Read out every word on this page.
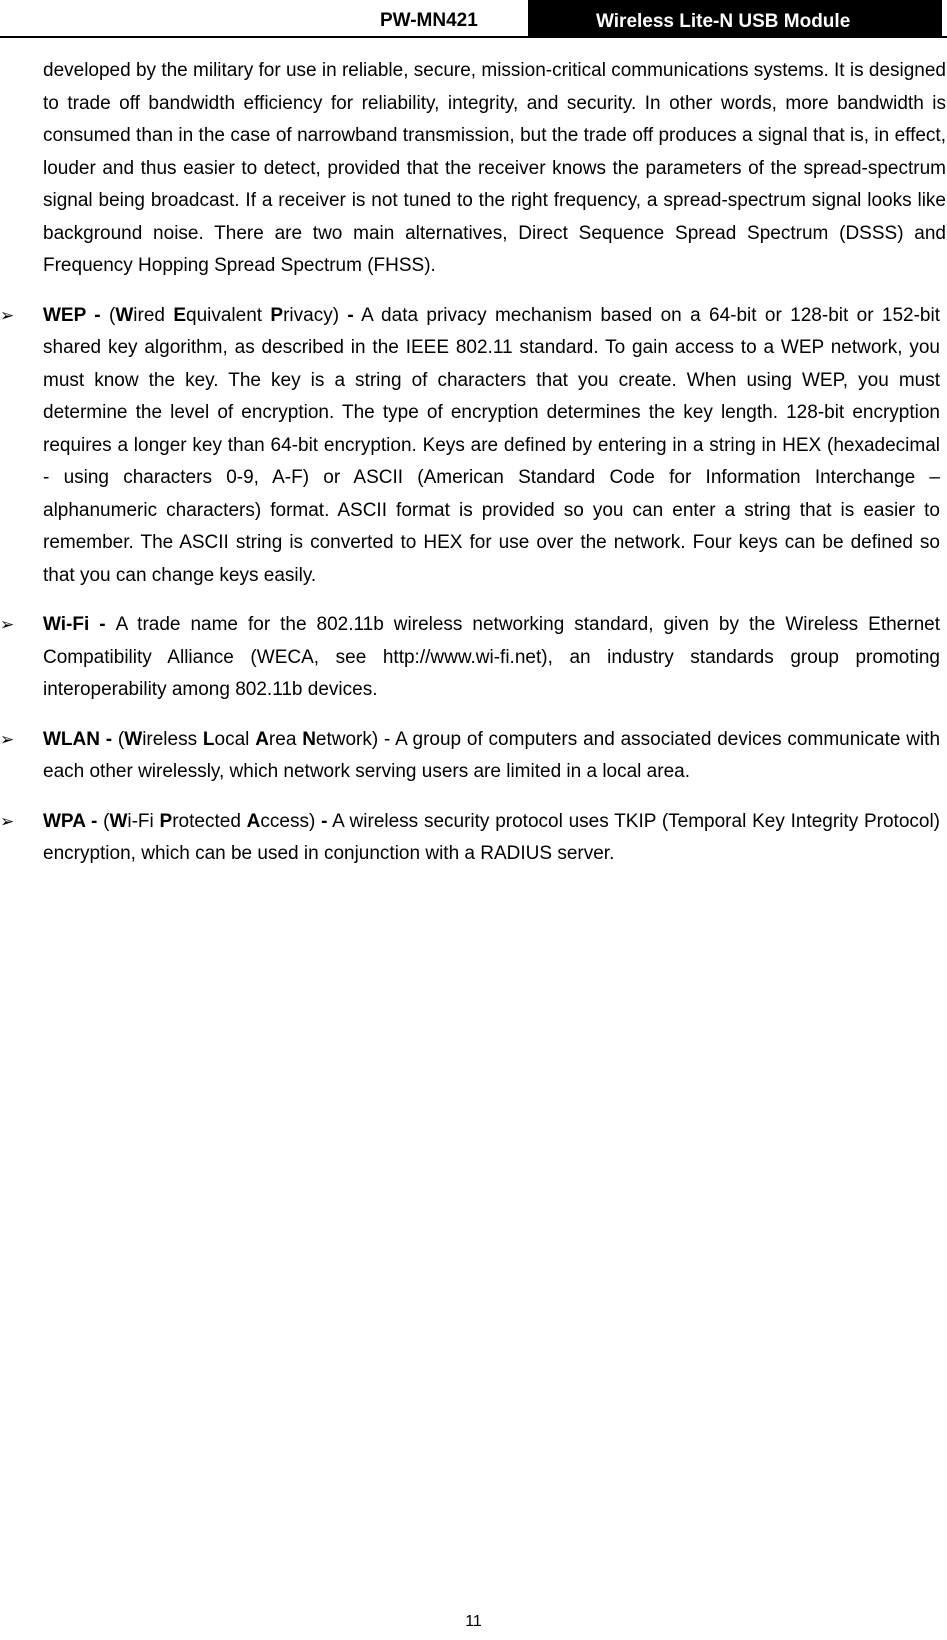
PW-MN421	Wireless Lite-N USB Module

developed by the military for use in reliable, secure, mission-critical communications systems. It is designed to trade off bandwidth efficiency for reliability, integrity, and security. In other words, more bandwidth is consumed than in the case of narrowband transmission, but the trade off produces a signal that is, in effect, louder and thus easier to detect, provided that the receiver knows the parameters of the spread-spectrum signal being broadcast. If a receiver is not tuned to the right frequency, a spread-spectrum signal looks like background noise. There are two main alternatives, Direct Sequence Spread Spectrum (DSSS) and Frequency Hopping Spread Spectrum (FHSS).

➢	WEP - (Wired Equivalent Privacy) - A data privacy mechanism based on a 64-bit or 128-bit or 152-bit shared key algorithm, as described in the IEEE 802.11 standard. To gain access to a WEP network, you must know the key. The key is a string of characters that you create. When using WEP, you must determine the level of encryption. The type of encryption determines the key length. 128-bit encryption requires a longer key than 64-bit encryption. Keys are defined by entering in a string in HEX (hexadecimal - using characters 0-9, A-F) or ASCII (American Standard Code for Information Interchange – alphanumeric characters) format. ASCII format is provided so you can enter a string that is easier to remember. The ASCII string is converted to HEX for use over the network. Four keys can be defined so that you can change keys easily.
➢	Wi-Fi - A trade name for the 802.11b wireless networking standard, given by the Wireless Ethernet Compatibility Alliance (WECA, see http://www.wi-fi.net), an industry standards group promoting interoperability among 802.11b devices.
➢	WLAN - (Wireless Local Area Network) - A group of computers and associated devices communicate with each other wirelessly, which network serving users are limited in a local area.
➢	WPA - (Wi-Fi Protected Access) - A wireless security protocol uses TKIP (Temporal Key Integrity Protocol) encryption, which can be used in conjunction with a RADIUS server.
11
